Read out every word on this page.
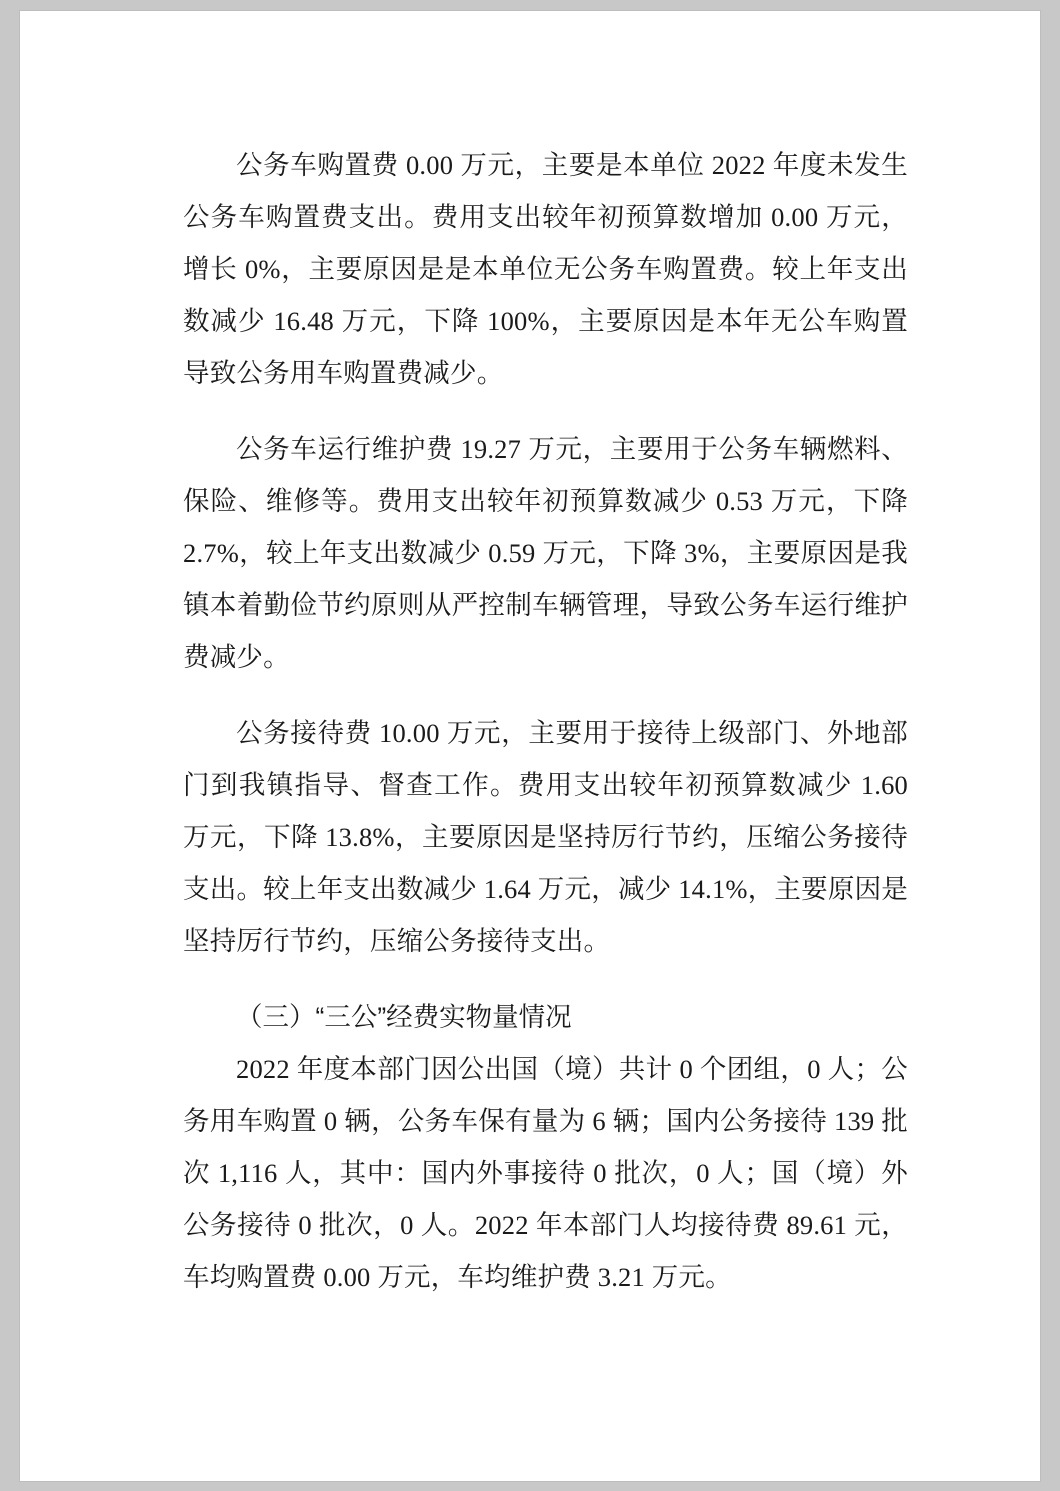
公务车购置费 0.00 万元，主要是本单位 2022 年度未发生公务车购置费支出。费用支出较年初预算数增加 0.00 万元，增长 0%，主要原因是是本单位无公务车购置费。较上年支出数减少 16.48 万元，下降 100%，主要原因是本年无公车购置导致公务用车购置费减少。

公务车运行维护费 19.27 万元，主要用于公务车辆燃料、保险、维修等。费用支出较年初预算数减少 0.53 万元，下降 2.7%，较上年支出数减少 0.59 万元，下降 3%，主要原因是我镇本着勤俭节约原则从严控制车辆管理，导致公务车运行维护费减少。

公务接待费 10.00 万元，主要用于接待上级部门、外地部门到我镇指导、督查工作。费用支出较年初预算数减少 1.60 万元，下降 13.8%，主要原因是坚持厉行节约，压缩公务接待支出。较上年支出数减少 1.64 万元，减少 14.1%，主要原因是坚持厉行节约，压缩公务接待支出。

（三）“三公”经费实物量情况

2022 年度本部门因公出国（境）共计 0 个团组，0 人；公务用车购置 0 辆，公务车保有量为 6 辆；国内公务接待 139 批次 1,116 人，其中：国内外事接待 0 批次，0 人；国（境）外公务接待 0 批次，0 人。2022 年本部门人均接待费 89.61 元，车均购置费 0.00 万元，车均维护费 3.21 万元。
